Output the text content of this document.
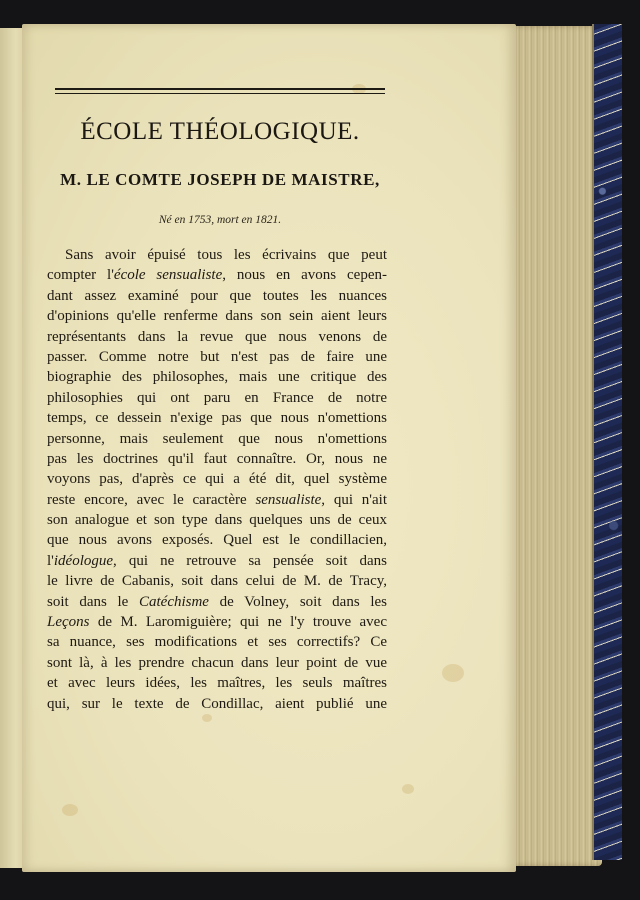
ÉCOLE THÉOLOGIQUE.
M. LE COMTE JOSEPH DE MAISTRE,
Né en 1753, mort en 1821.
Sans avoir épuisé tous les écrivains que peut
compter l'école sensualiste, nous en avons cepen-
dant assez examiné pour que toutes les nuances
d'opinions qu'elle renferme dans son sein aient leurs
représentants dans la revue que nous venons de
passer. Comme notre but n'est pas de faire une
biographie des philosophes, mais une critique des
philosophies qui ont paru en France de notre
temps, ce dessein n'exige pas que nous n'omettions
personne, mais seulement que nous n'omettions
pas les doctrines qu'il faut connaître. Or, nous ne
voyons pas, d'après ce qui a été dit, quel système
reste encore, avec le caractère sensualiste, qui n'ait
son analogue et son type dans quelques uns de ceux
que nous avons exposés. Quel est le condillacien,
l'idéologue, qui ne retrouve sa pensée soit dans
le livre de Cabanis, soit dans celui de M. de Tracy,
soit dans le Catéchisme de Volney, soit dans les
Leçons de M. Laromiguière; qui ne l'y trouve avec
sa nuance, ses modifications et ses correctifs? Ce
sont là, à les prendre chacun dans leur point de vue
et avec leurs idées, les maîtres, les seuls maîtres
qui, sur le texte de Condillac, aient publié une
